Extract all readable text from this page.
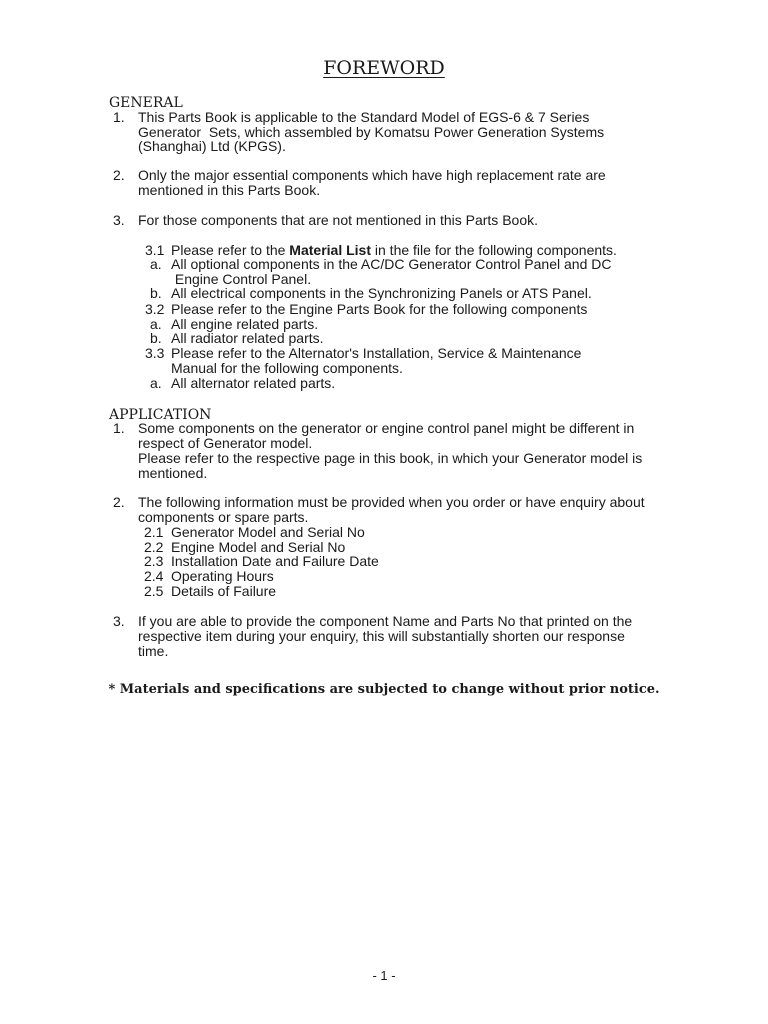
FOREWORD
GENERAL
1. This Parts Book is applicable to the Standard Model of EGS-6 & 7 Series
Generator  Sets, which assembled by Komatsu Power Generation Systems
(Shanghai) Ltd (KPGS).
2. Only the major essential components which have high replacement rate are
mentioned in this Parts Book.
3. For those components that are not mentioned in this Parts Book.
3.1 Please refer to the Material List in the file for the following components.
a. All optional components in the AC/DC Generator Control Panel and DC
Engine Control Panel.
b. All electrical components in the Synchronizing Panels or ATS Panel.
3.2 Please refer to the Engine Parts Book for the following components
a. All engine related parts.
b. All radiator related parts.
3.3 Please refer to the Alternator's Installation, Service & Maintenance
Manual for the following components.
a. All alternator related parts.
APPLICATION
1. Some components on the generator or engine control panel might be different in
respect of Generator model.
Please refer to the respective page in this book, in which your Generator model is
mentioned.
2. The following information must be provided when you order or have enquiry about
components or spare parts.
2.1 Generator Model and Serial No
2.2 Engine Model and Serial No
2.3 Installation Date and Failure Date
2.4 Operating Hours
2.5 Details of Failure
3. If you are able to provide the component Name and Parts No that printed on the
respective item during your enquiry, this will substantially shorten our response
time.
* Materials and specifications are subjected to change without prior notice.
- 1 -
